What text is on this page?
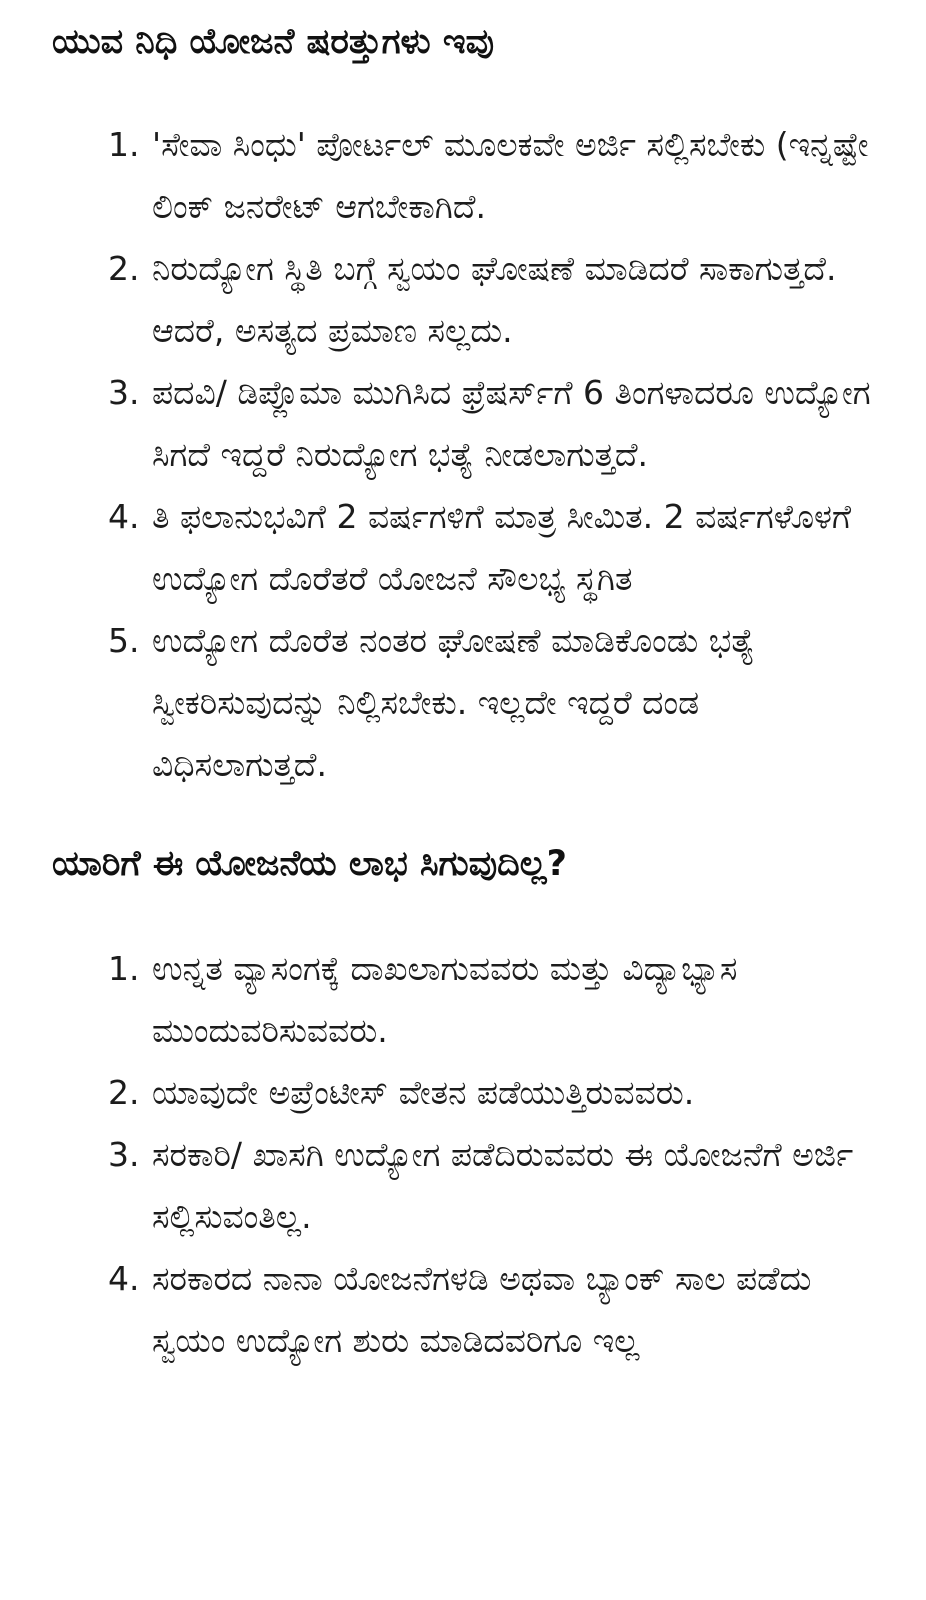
ಯುವ ನಿಧಿ ಯೋಜನೆ ಷರತ್ತುಗಳು ಇವು
1. 'ಸೇವಾ ಸಿಂಧು' ಪೋರ್ಟಲ್‌ ಮೂಲಕವೇ ಅರ್ಜಿ ಸಲ್ಲಿಸಬೇಕು (ಇನ್ನಷ್ಟೇ ಲಿಂಕ್‌ ಜನರೇಟ್‌ ಆಗಬೇಕಾಗಿದೆ.
2. ನಿರುದ್ಯೋಗ ಸ್ಥಿತಿ ಬಗ್ಗೆ ಸ್ವಯಂ ಘೋಷಣೆ ಮಾಡಿದರೆ ಸಾಕಾಗುತ್ತದೆ. ಆದರೆ, ಅಸತ್ಯದ ಪ್ರಮಾಣ ಸಲ್ಲದು.
3. ಪದವಿ/ ಡಿಪ್ಲೊಮಾ ಮುಗಿಸಿದ ಫ್ರೆಷರ್ಸ್‌ಗೆ 6 ತಿಂಗಳಾದರೂ ಉದ್ಯೋಗ ಸಿಗದೆ ಇದ್ದರೆ ನಿರುದ್ಯೋಗ ಭತ್ಯೆ ನೀಡಲಾಗುತ್ತದೆ.
4. ತಿ ಫಲಾನುಭವಿಗೆ 2 ವರ್ಷಗಳಿಗೆ ಮಾತ್ರ ಸೀಮಿತ. 2 ವರ್ಷಗಳೊಳಗೆ ಉದ್ಯೋಗ ದೊರೆತರೆ ಯೋಜನೆ ಸೌಲಭ್ಯ ಸ್ಥಗಿತ
5. ಉದ್ಯೋಗ ದೊರೆತ ನಂತರ ಘೋಷಣೆ ಮಾಡಿಕೊಂಡು ಭತ್ಯೆ ಸ್ವೀಕರಿಸುವುದನ್ನು ನಿಲ್ಲಿಸಬೇಕು. ಇಲ್ಲದೇ ಇದ್ದರೆ ದಂಡ ವಿಧಿಸಲಾಗುತ್ತದೆ.
ಯಾರಿಗೆ ಈ ಯೋಜನೆಯ ಲಾಭ ಸಿಗುವುದಿಲ್ಲ?
1. ಉನ್ನತ ವ್ಯಾಸಂಗಕ್ಕೆ ದಾಖಲಾಗುವವರು ಮತ್ತು ವಿದ್ಯಾಭ್ಯಾಸ ಮುಂದುವರಿಸುವವರು.
2. ಯಾವುದೇ ಅಪ್ರೆಂಟೀಸ್‌ ವೇತನ ಪಡೆಯುತ್ತಿರುವವರು.
3. ಸರಕಾರಿ/ ಖಾಸಗಿ ಉದ್ಯೋಗ ಪಡೆದಿರುವವರು ಈ ಯೋಜನೆಗೆ ಅರ್ಜಿ ಸಲ್ಲಿಸುವಂತಿಲ್ಲ.
4. ಸರಕಾರದ ನಾನಾ ಯೋಜನೆಗಳಡಿ ಅಥವಾ ಬ್ಯಾಂಕ್‌ ಸಾಲ ಪಡೆದು ಸ್ವಯಂ ಉದ್ಯೋಗ ಶುರು ಮಾಡಿದವರಿಗೂ ಇಲ್ಲ
